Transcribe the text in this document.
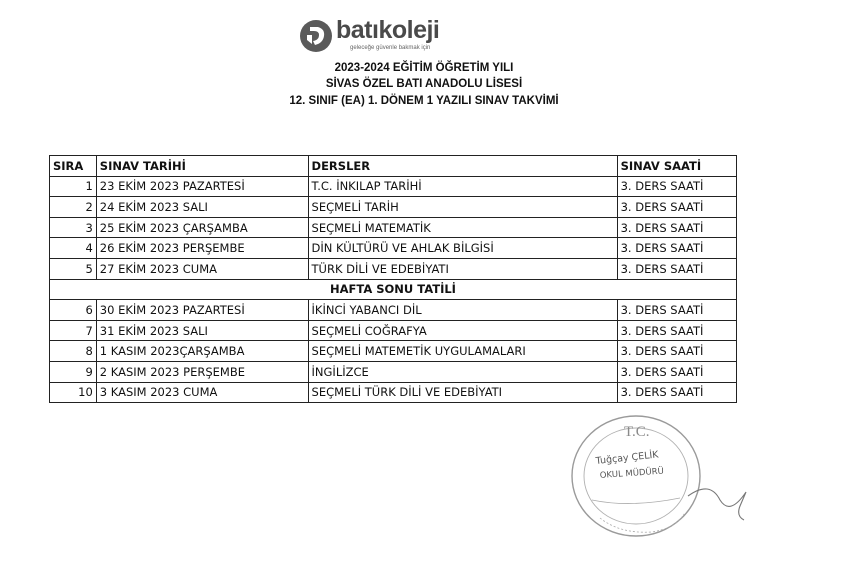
batıkoleji
geleceğe güvenle bakmak için
2023-2024 EĞİTİM ÖĞRETİM YILI
SİVAS ÖZEL BATI ANADOLU LİSESİ
12. SINIF (EA) 1. DÖNEM 1 YAZILI SINAV TAKVİMİ
SIRA	SINAV TARİHİ	DERSLER	SINAV SAATİ
1	23 EKİM 2023 PAZARTESİ	T.C. İNKILAP TARİHİ	3. DERS SAATİ
2	24 EKİM 2023 SALI	SEÇMELİ TARİH	3. DERS SAATİ
3	25 EKİM 2023 ÇARŞAMBA	SEÇMELİ MATEMATİK	3. DERS SAATİ
4	26 EKİM 2023 PERŞEMBE	DİN KÜLTÜRÜ VE AHLAK BİLGİSİ	3. DERS SAATİ
5	27 EKİM 2023 CUMA	TÜRK DİLİ VE EDEBİYATI	3. DERS SAATİ
HAFTA SONU TATİLİ			
6	30 EKİM 2023 PAZARTESİ	İKİNCİ YABANCI DİL	3. DERS SAATİ
7	31 EKİM 2023 SALI	SEÇMELİ COĞRAFYA	3. DERS SAATİ
8	1 KASIM 2023ÇARŞAMBA	SEÇMELİ MATEMETİK UYGULAMALARI	3. DERS SAATİ
9	2 KASIM 2023 PERŞEMBE	İNGİLİZCE	3. DERS SAATİ
10	3 KASIM 2023 CUMA	SEÇMELİ TÜRK DİLİ VE EDEBİYATI	3. DERS SAATİ
T.C.
Tuğçay ÇELİK
OKUL MÜDÜRÜ
